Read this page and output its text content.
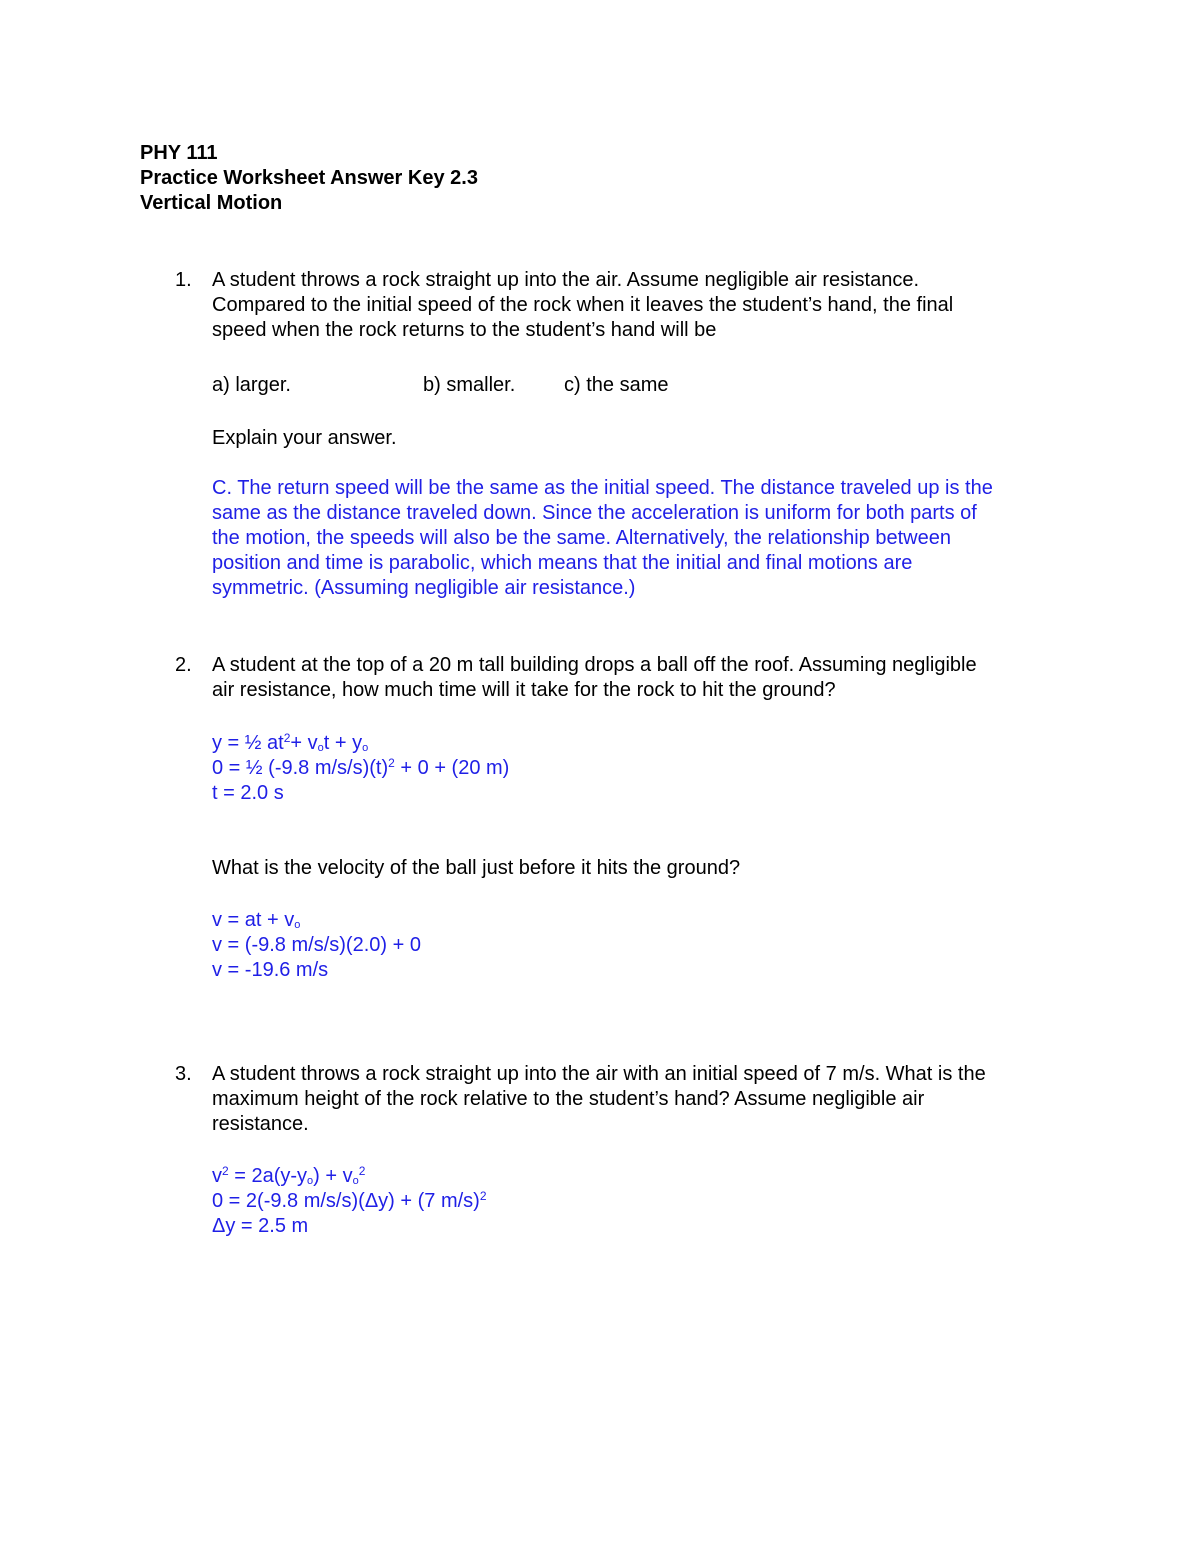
PHY 111
Practice Worksheet Answer Key 2.3
Vertical Motion
1. A student throws a rock straight up into the air. Assume negligible air resistance.
Compared to the initial speed of the rock when it leaves the student’s hand, the final
speed when the rock returns to the student’s hand will be
a) larger.	b) smaller. c) the same
Explain your answer.
C. The return speed will be the same as the initial speed. The distance traveled up is the
same as the distance traveled down. Since the acceleration is uniform for both parts of
the motion, the speeds will also be the same. Alternatively, the relationship between
position and time is parabolic, which means that the initial and final motions are
symmetric. (Assuming negligible air resistance.)
2. A student at the top of a 20 m tall building drops a ball off the roof. Assuming negligible
air resistance, how much time will it take for the rock to hit the ground?
y = ½ $at^2+ v_ot + y_o$
0 = ½ (-9.8 $m/s/s)(t)^2 + 0 + (20$ m)
t = 2.0 s
What is the velocity of the ball just before it hits the ground?
v = at + $v_o$
v = (-9.8 m/s/s)(2.0) + 0
v = -19.6 m/s
3. A student throws a rock straight up into the air with an initial speed of 7 m/s. What is the
maximum height of the rock relative to the student’s hand? Assume negligible air
resistance.
$v^2 = 2a(y-y_o) + v_o^2$
0 = 2(-9.8 m/s/s)(Δy) + (7 m/s)$^2$
Δy = 2.5 m
